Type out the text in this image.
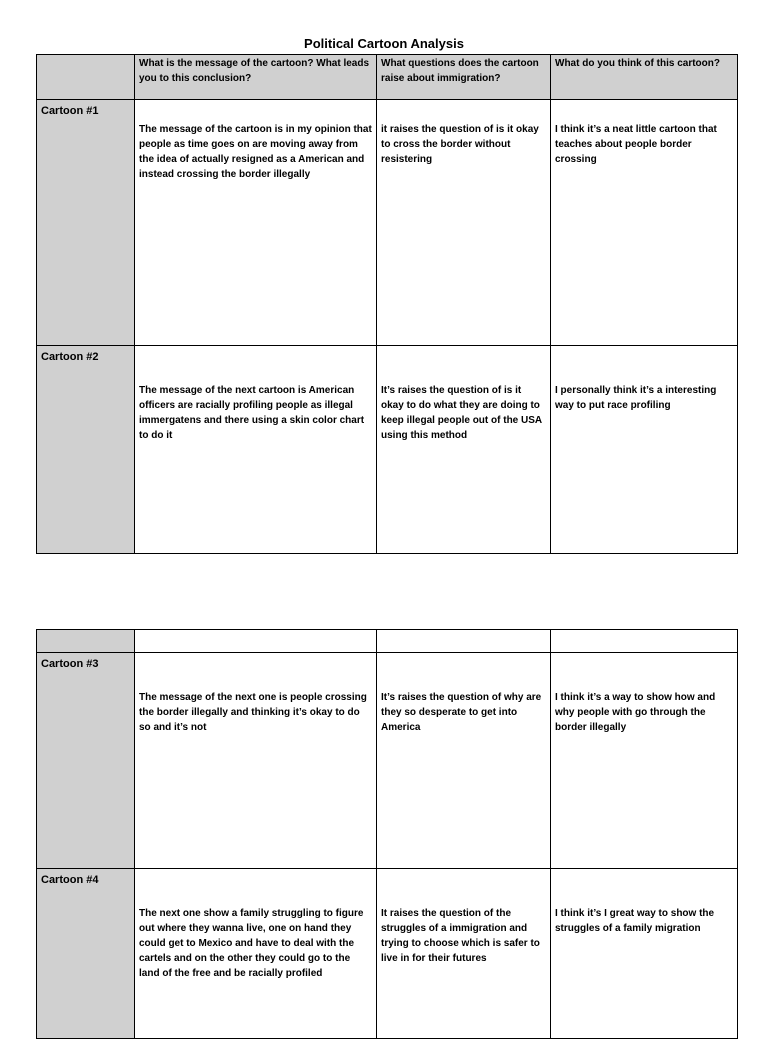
Political Cartoon Analysis

	What is the message of the cartoon? What leads you to this conclusion?	What questions does the cartoon raise about immigration?	What do you think of this cartoon?

Cartoon #1	The message of the cartoon is in my opinion that people as time goes on are moving away from the idea of actually resigned as a American and instead crossing the border illegally	it raises the question of is it okay to cross the border without resistering	I think it’s a neat little cartoon that teaches about people border crossing

Cartoon #2	The message of the next cartoon is American officers are racially profiling people as illegal immergatens and there using a skin color chart to do it	It’s raises the question of is it okay to do what they are doing to keep illegal people out of the USA using this method	I personally think it’s a interesting way to put race profiling

Cartoon #3	The message of the next one is people crossing the border illegally and thinking it’s okay to do so and it’s not	It’s raises the question of why are they so desperate to get into America	I think it’s a way to show how and why people with go through the border illegally

Cartoon #4	The next one show a family struggling to figure out where they wanna live, one on hand they could get to Mexico and have to deal with the cartels and on the other they could go to the land of the free and be racially profiled	It raises the question of the struggles of a immigration and trying to choose which is safer to live in for their futures	I think it’s I great way to show the struggles of a family migration
